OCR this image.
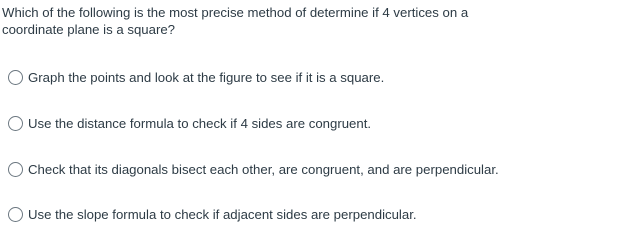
Which of the following is the most precise method of determine if 4 vertices on a
coordinate plane is a square?

Graph the points and look at the figure to see if it is a square.
Use the distance formula to check if 4 sides are congruent.
Check that its diagonals bisect each other, are congruent, and are perpendicular.
Use the slope formula to check if adjacent sides are perpendicular.
